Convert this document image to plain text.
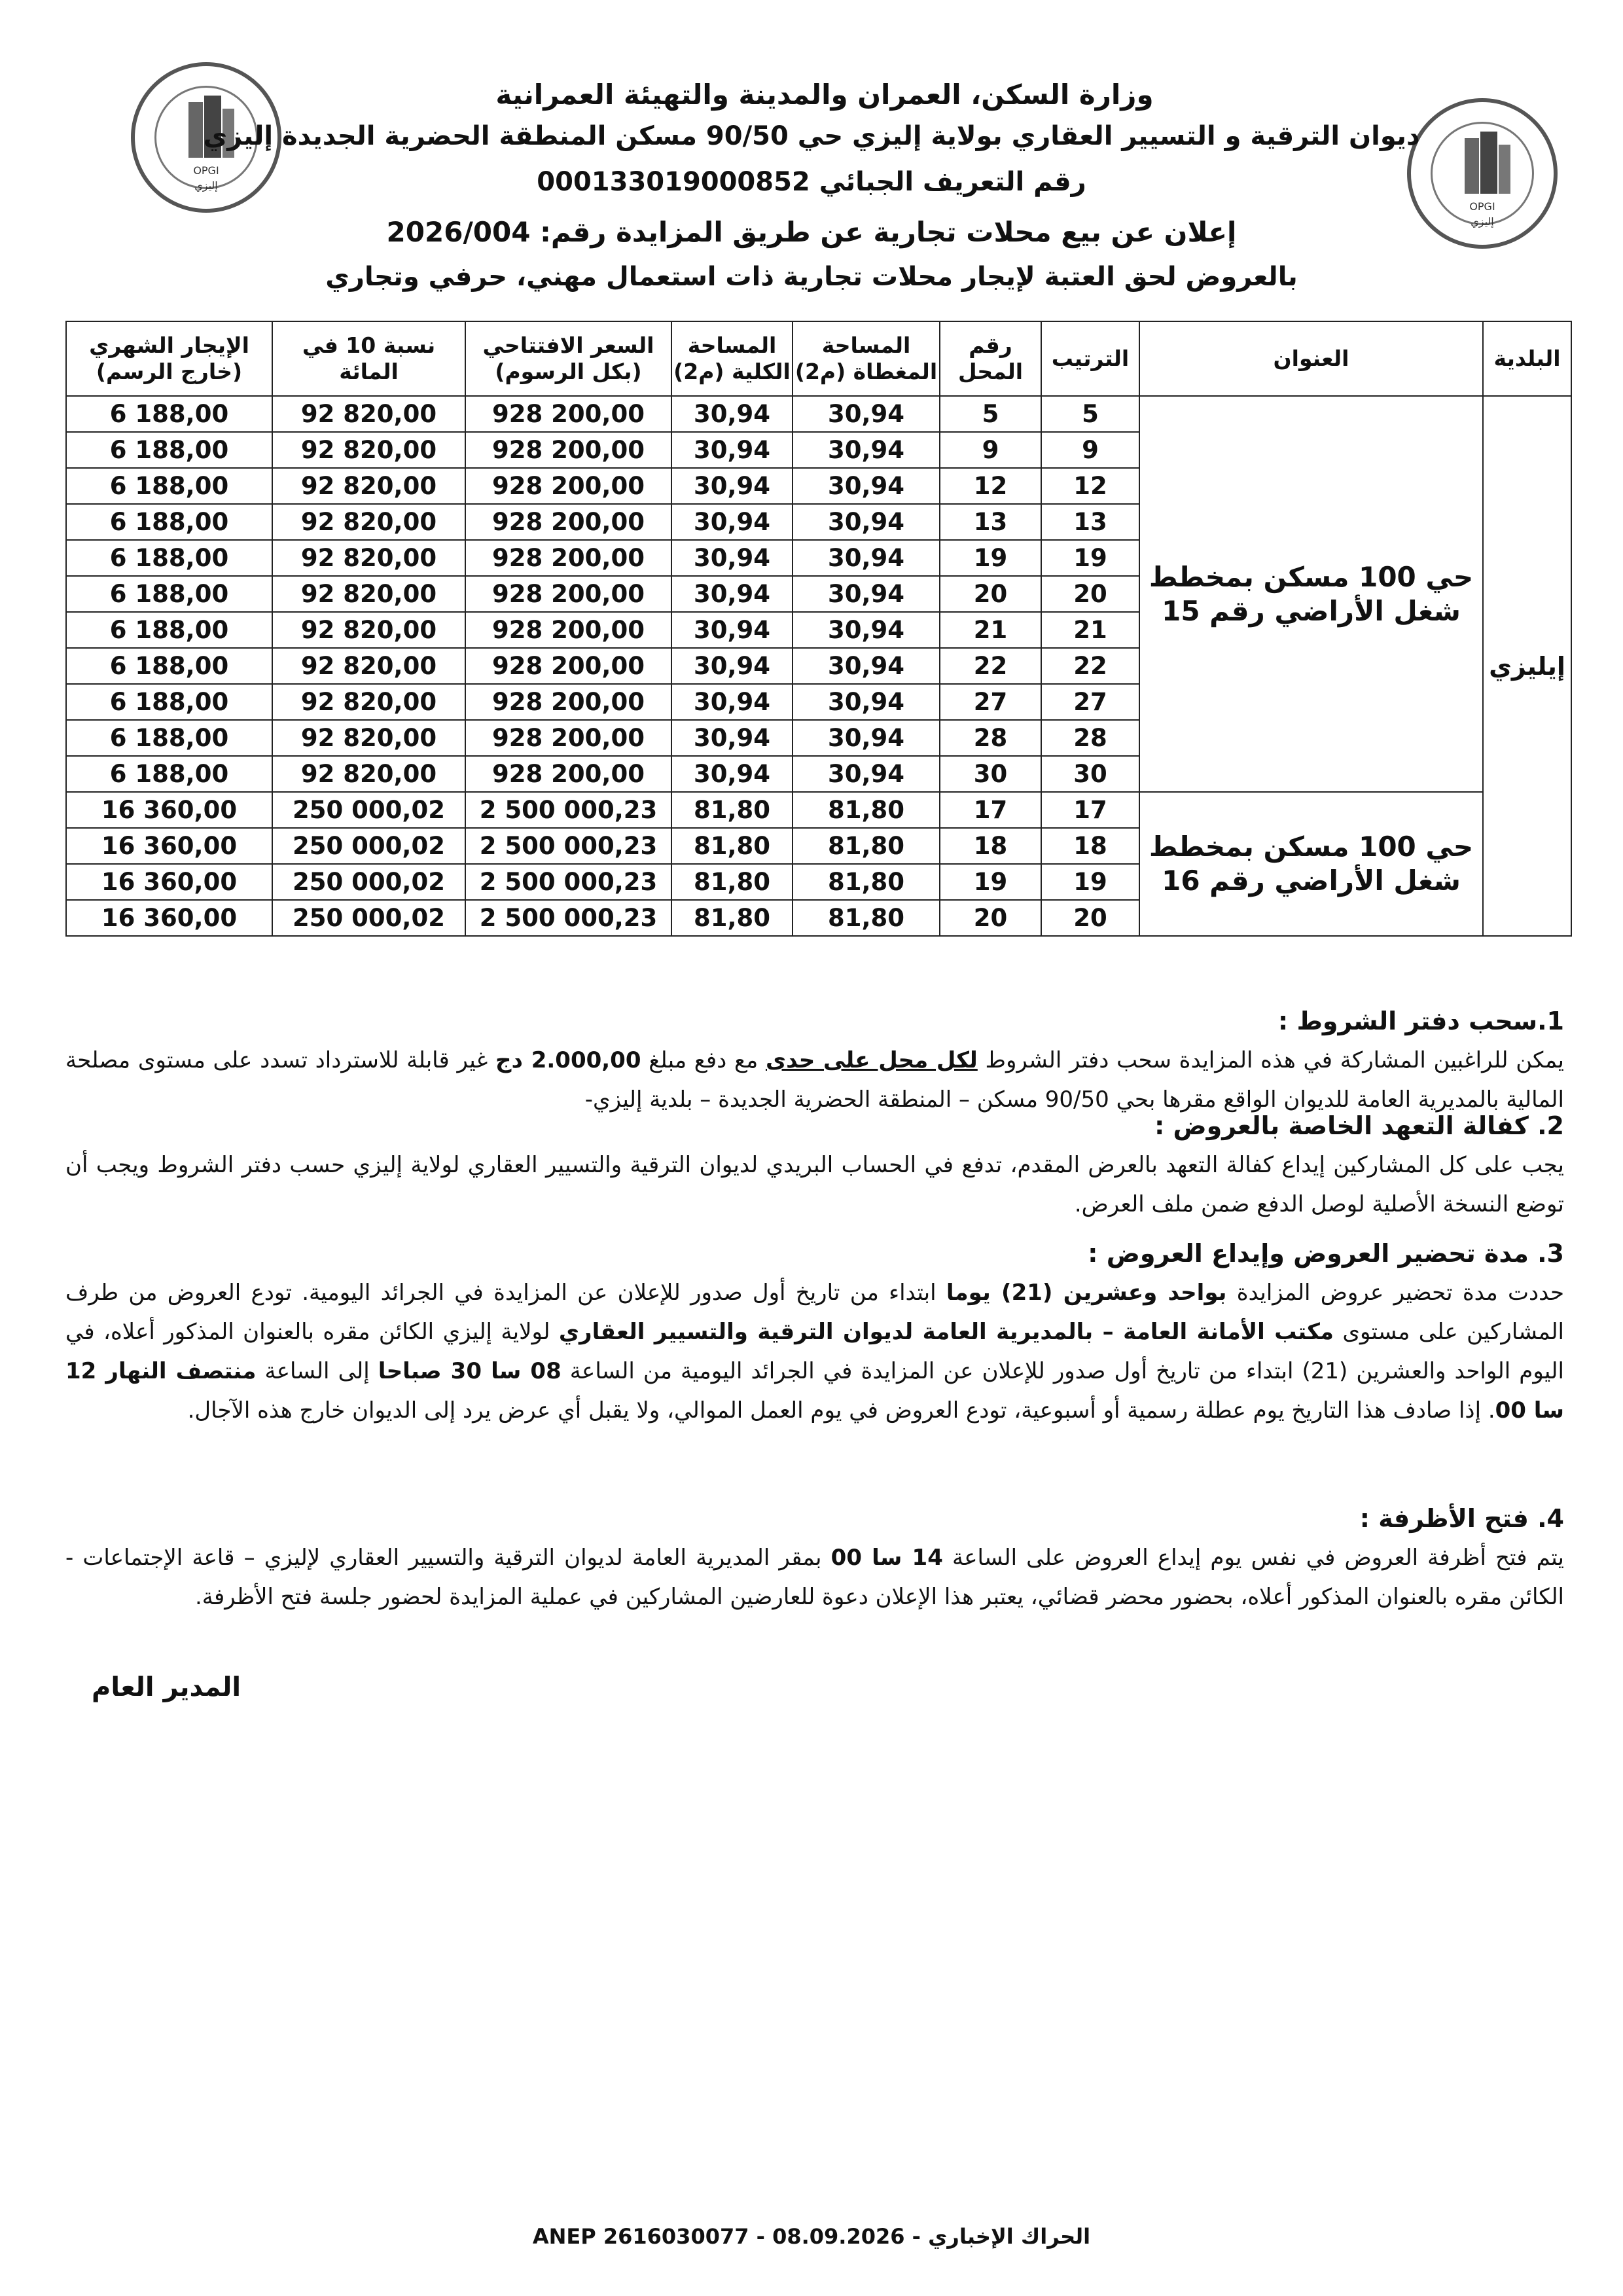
OPGI
إليزي
OPGI
إليزي
وزارة السكن، العمران والمدينة والتهيئة العمرانية
ديوان الترقية و التسيير العقاري بولاية إليزي حي 90/50 مسكن المنطقة الحضرية الجديدة إليزي
رقم التعريف الجبائي 000133019000852
إعلان عن بيع محلات تجارية عن طريق المزايدة رقم: 2026/004
بالعروض لحق العتبة لإيجار محلات تجارية ذات استعمال مهني، حرفي وتجاري
البلدية	العنوان	الترتيب	رقم المحل	المساحة المغطاة (م2)	المساحة الكلية (م2)	السعر الافتتاحي (بكل الرسوم)	نسبة 10 في المائة	الإيجار الشهري (خارج الرسم)
إيليزي	حي 100 مسكن بمخطط شغل الأراضي رقم 15	5	5	30,94	30,94	928 200,00	92 820,00	6 188,00
		9	9	30,94	30,94	928 200,00	92 820,00	6 188,00
		12	12	30,94	30,94	928 200,00	92 820,00	6 188,00
		13	13	30,94	30,94	928 200,00	92 820,00	6 188,00
		19	19	30,94	30,94	928 200,00	92 820,00	6 188,00
		20	20	30,94	30,94	928 200,00	92 820,00	6 188,00
		21	21	30,94	30,94	928 200,00	92 820,00	6 188,00
		22	22	30,94	30,94	928 200,00	92 820,00	6 188,00
		27	27	30,94	30,94	928 200,00	92 820,00	6 188,00
		28	28	30,94	30,94	928 200,00	92 820,00	6 188,00
		30	30	30,94	30,94	928 200,00	92 820,00	6 188,00
	حي 100 مسكن بمخطط شغل الأراضي رقم 16	17	17	81,80	81,80	2 500 000,23	250 000,02	16 360,00
		18	18	81,80	81,80	2 500 000,23	250 000,02	16 360,00
		19	19	81,80	81,80	2 500 000,23	250 000,02	16 360,00
		20	20	81,80	81,80	2 500 000,23	250 000,02	16 360,00
1.سحب دفتر الشروط :

يمكن للراغبين المشاركة في هذه المزايدة سحب دفتر الشروط لكل محل على حدى مع دفع مبلغ 2.000,00 دج غير قابلة للاسترداد تسدد على مستوى مصلحة المالية بالمديرية العامة للديوان الواقع مقرها بحي 90/50 مسكن – المنطقة الحضرية الجديدة – بلدية إليزي-

2. كفالة التعهد الخاصة بالعروض :

يجب على كل المشاركين إيداع كفالة التعهد بالعرض المقدم، تدفع في الحساب البريدي لديوان الترقية والتسيير العقاري لولاية إليزي حسب دفتر الشروط ويجب أن توضع النسخة الأصلية لوصل الدفع ضمن ملف العرض.

3. مدة تحضير العروض وإيداع العروض :

حددت مدة تحضير عروض المزايدة بواحد وعشرين (21) يوما ابتداء من تاريخ أول صدور للإعلان عن المزايدة في الجرائد اليومية. تودع العروض من طرف المشاركين على مستوى مكتب الأمانة العامة – بالمديرية العامة لديوان الترقية والتسيير العقاري لولاية إليزي الكائن مقره بالعنوان المذكور أعلاه، في اليوم الواحد والعشرين (21) ابتداء من تاريخ أول صدور للإعلان عن المزايدة في الجرائد اليومية من الساعة 08 سا 30 صباحا إلى الساعة منتصف النهار 12 سا 00. إذا صادف هذا التاريخ يوم عطلة رسمية أو أسبوعية، تودع العروض في يوم العمل الموالي، ولا يقبل أي عرض يرد إلى الديوان خارج هذه الآجال.

4. فتح الأظرفة :

يتم فتح أظرفة العروض في نفس يوم إيداع العروض على الساعة 14 سا 00 بمقر المديرية العامة لديوان الترقية والتسيير العقاري لإليزي – قاعة الإجتماعات - الكائن مقره بالعنوان المذكور أعلاه، بحضور محضر قضائي، يعتبر هذا الإعلان دعوة للعارضين المشاركين في عملية المزايدة لحضور جلسة فتح الأظرفة.

المدير العام
الحراك الإخباري - ANEP 2616030077 - 08.09.2026
